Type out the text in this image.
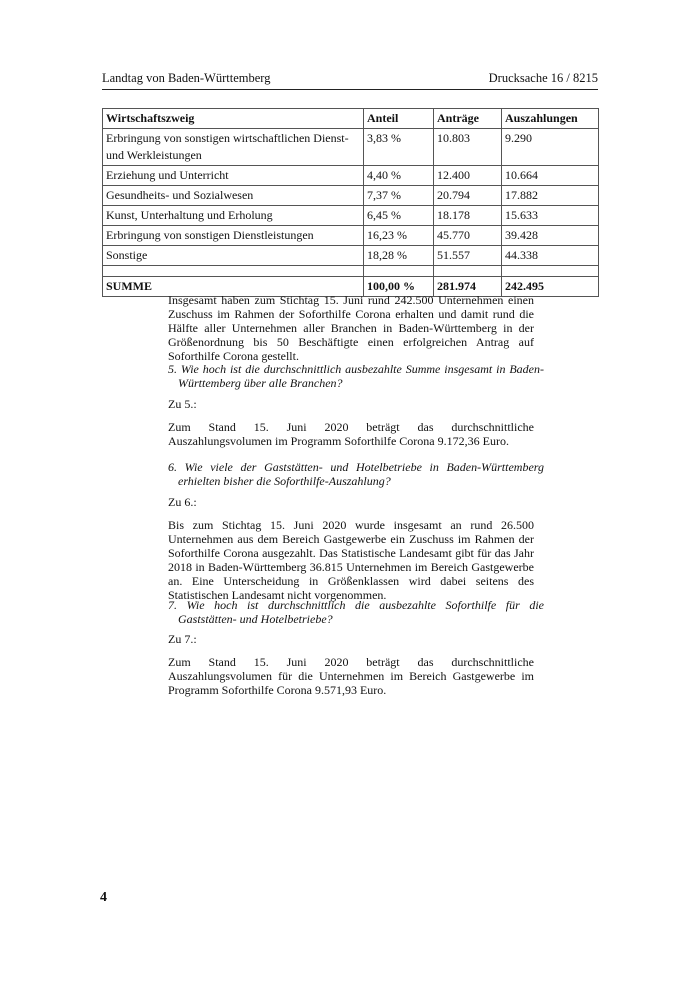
Landtag von Baden-Württemberg	Drucksache 16 / 8215
Wirtschaftszweig	Anteil	Anträge	Auszahlungen
Erbringung von sonstigen wirtschaftlichen Dienst- und Werkleistungen	3,83 %	10.803	9.290
Erziehung und Unterricht	4,40 %	12.400	10.664
Gesundheits- und Sozialwesen	7,37 %	20.794	17.882
Kunst, Unterhaltung und Erholung	6,45 %	18.178	15.633
Erbringung von sonstigen Dienstleistungen	16,23 %	45.770	39.428
Sonstige	18,28 %	51.557	44.338

SUMME	100,00 %	281.974	242.495

Insgesamt haben zum Stichtag 15. Juni rund 242.500 Unternehmen einen Zuschuss im Rahmen der Soforthilfe Corona erhalten und damit rund die Hälfte aller Unternehmen aller Branchen in Baden-Württemberg in der Größenordnung bis 50 Beschäftigte einen erfolgreichen Antrag auf Soforthilfe Corona gestellt.

5. Wie hoch ist die durchschnittlich ausbezahlte Summe insgesamt in Baden-Württemberg über alle Branchen?

Zu 5.:

Zum Stand 15. Juni 2020 beträgt das durchschnittliche Auszahlungsvolumen im Programm Soforthilfe Corona 9.172,36 Euro.

6. Wie viele der Gaststätten- und Hotelbetriebe in Baden-Württemberg erhielten bisher die Soforthilfe-Auszahlung?

Zu 6.:

Bis zum Stichtag 15. Juni 2020 wurde insgesamt an rund 26.500 Unternehmen aus dem Bereich Gastgewerbe ein Zuschuss im Rahmen der Soforthilfe Corona ausgezahlt. Das Statistische Landesamt gibt für das Jahr 2018 in Baden-Württemberg 36.815 Unternehmen im Bereich Gastgewerbe an. Eine Unterscheidung in Größenklassen wird dabei seitens des Statistischen Landesamt nicht vorgenommen.

7. Wie hoch ist durchschnittlich die ausbezahlte Soforthilfe für die Gaststätten- und Hotelbetriebe?

Zu 7.:

Zum Stand 15. Juni 2020 beträgt das durchschnittliche Auszahlungsvolumen für die Unternehmen im Bereich Gastgewerbe im Programm Soforthilfe Corona 9.571,93 Euro.

4
